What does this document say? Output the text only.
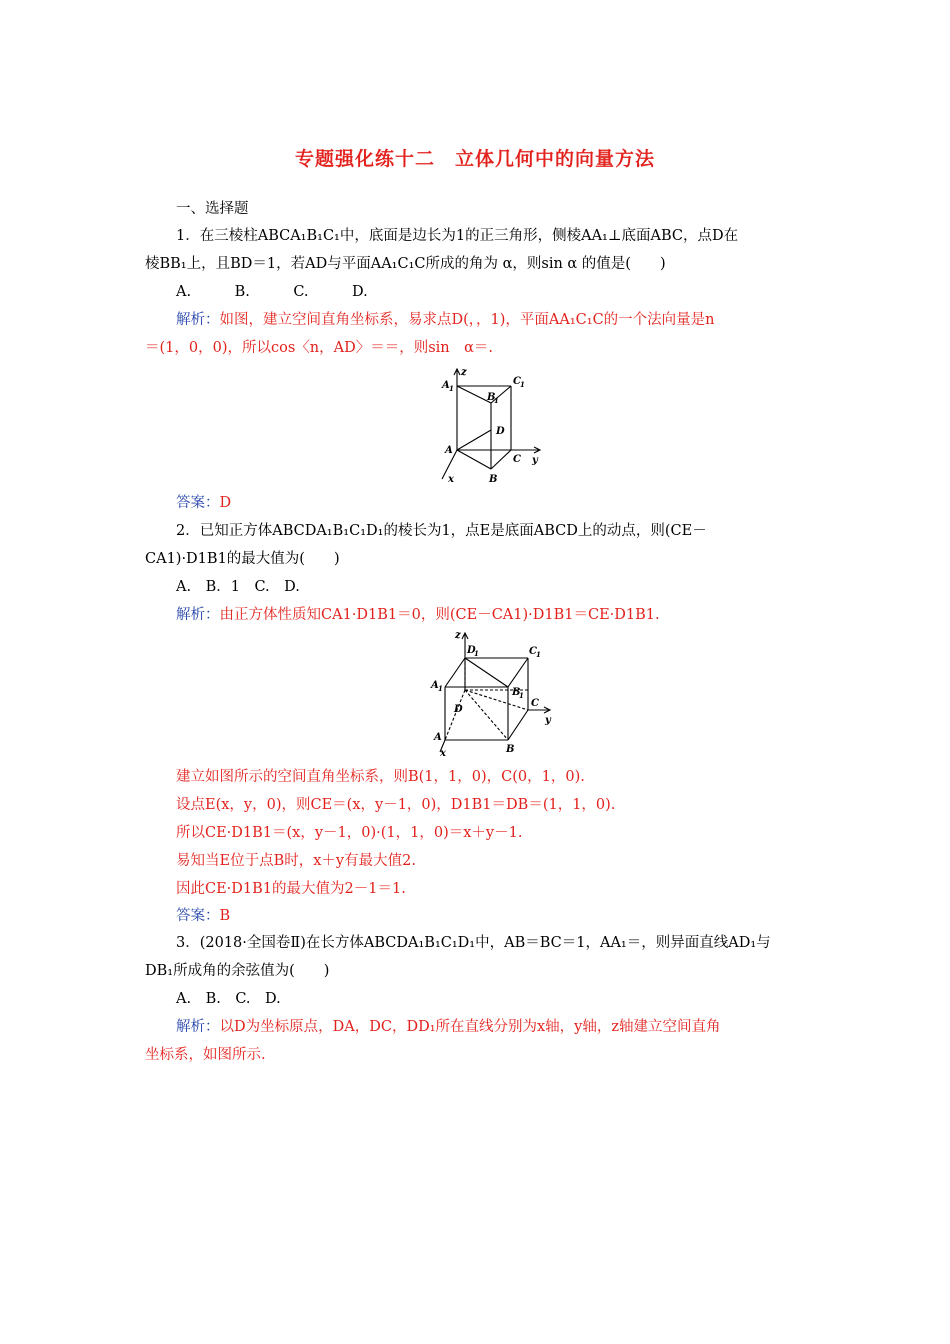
专题强化练十二　立体几何中的向量方法
一、选择题
1．在三棱柱ABCA₁B₁C₁中，底面是边长为1的正三角形，侧棱AA₁⊥底面ABC，点D在
棱BB₁上，且BD＝1，若AD与平面AA₁C₁C所成的角为 α，则sin α 的值是(　　)
A.　　　B.　　　C.　　　D.
解析：如图，建立空间直角坐标系，易求点D(，，1)，平面AA₁C₁C的一个法向量是n
＝(1，0，0)，所以cos〈n，AD〉＝＝，则sin　α＝.
z
A 1
C 1
B
1
D
A
C y
x	B
答案：D
2．已知正方体ABCDA₁B₁C₁D₁的棱长为1，点E是底面ABCD上的动点，则(CE－
CA1)·D1B1的最大值为(　　)
A.　B．1　C.　D.
解析：由正方体性质知CA1·D1B1＝0，则(CE－CA1)·D1B1＝CE·D1B1.
z
D
1	C 1
A 1	B
1
D
C
y
A
x	B
建立如图所示的空间直角坐标系，则B(1，1，0)，C(0，1，0).
设点E(x，y，0)，则CE＝(x，y－1，0)，D1B1＝DB＝(1，1，0).
所以CE·D1B1＝(x，y－1，0)·(1，1，0)＝x＋y－1.
易知当E位于点B时，x＋y有最大值2.
因此CE·D1B1的最大值为2－1＝1.
答案：B
3．(2018·全国卷Ⅱ)在长方体ABCDA₁B₁C₁D₁中，AB＝BC＝1，AA₁＝，则异面直线AD₁与
DB₁所成角的余弦值为(　　)
A.　B.　C.　D.
解析：以D为坐标原点，DA，DC，DD₁所在直线分别为x轴，y轴，z轴建立空间直角
坐标系，如图所示.
